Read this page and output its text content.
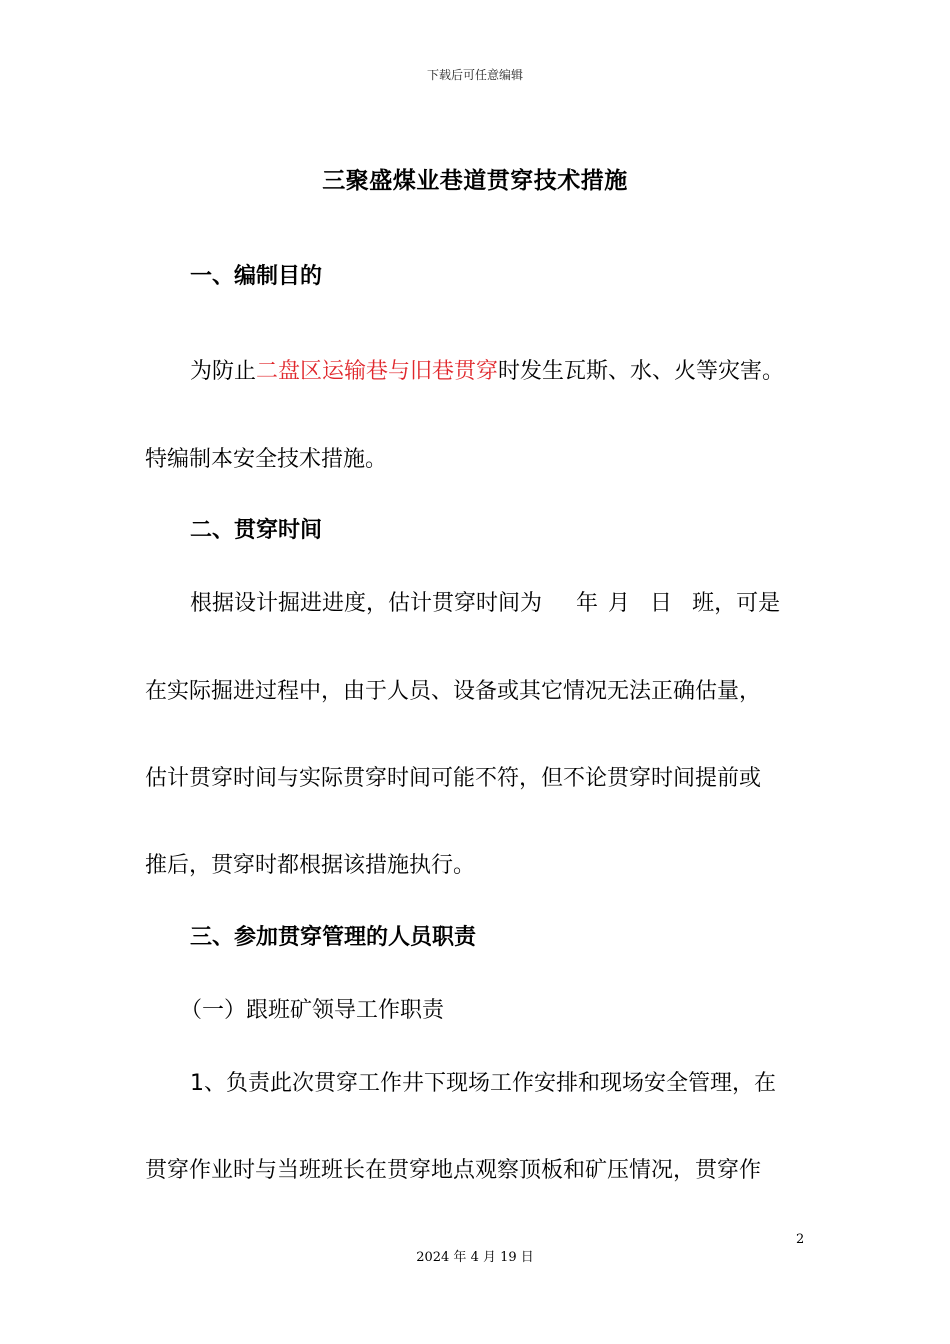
下载后可任意编辑
三聚盛煤业巷道贯穿技术措施
一、编制目的
为防止二盘区运输巷与旧巷贯穿时发生瓦斯、水、火等灾害。
特编制本安全技术措施。
二、贯穿时间
根据设计掘进进度，估计贯穿时间为 年 月 日 班，可是
在实际掘进过程中，由于人员、设备或其它情况无法正确估量，
估计贯穿时间与实际贯穿时间可能不符，但不论贯穿时间提前或
推后，贯穿时都根据该措施执行。
三、参加贯穿管理的人员职责
（一）跟班矿领导工作职责
1、负责此次贯穿工作井下现场工作安排和现场安全管理，在
贯穿作业时与当班班长在贯穿地点观察顶板和矿压情况，贯穿作
2
2024 年 4 月 19 日
